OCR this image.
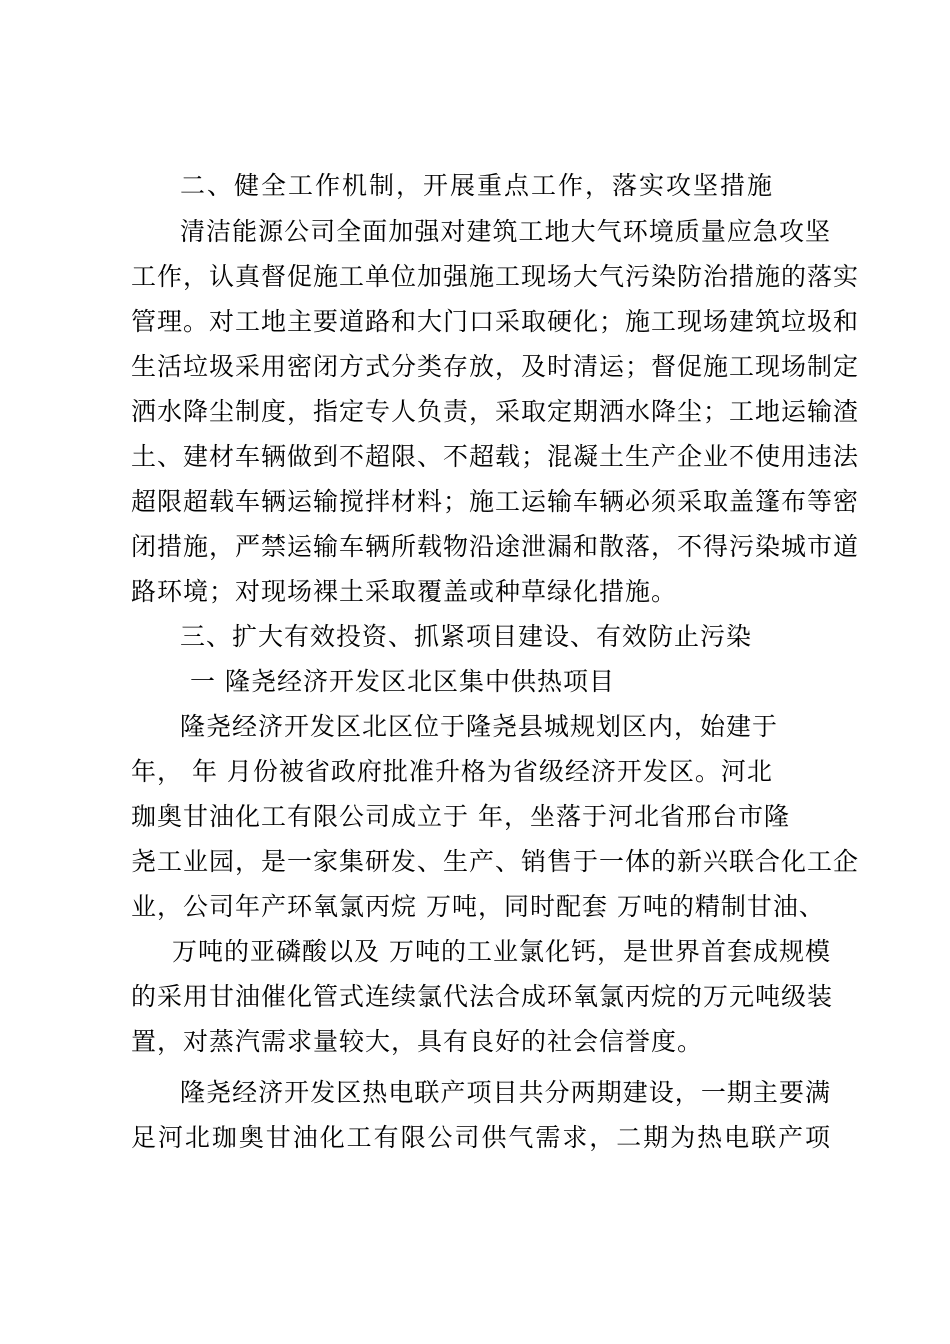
二、健全工作机制，开展重点工作，落实攻坚措施
清洁能源公司全面加强对建筑工地大气环境质量应急攻坚
工作，认真督促施工单位加强施工现场大气污染防治措施的落实
管理。对工地主要道路和大门口采取硬化；施工现场建筑垃圾和
生活垃圾采用密闭方式分类存放，及时清运；督促施工现场制定
洒水降尘制度，指定专人负责，采取定期洒水降尘；工地运输渣
土、建材车辆做到不超限、不超载；混凝土生产企业不使用违法
超限超载车辆运输搅拌材料；施工运输车辆必须采取盖篷布等密
闭措施，严禁运输车辆所载物沿途泄漏和散落，不得污染城市道
路环境；对现场裸土采取覆盖或种草绿化措施。
三、扩大有效投资、抓紧项目建设、有效防止污染
一 隆尧经济开发区北区集中供热项目
隆尧经济开发区北区位于隆尧县城规划区内，始建于
年， 年 月份被省政府批准升格为省级经济开发区。河北
珈奥甘油化工有限公司成立于 年，坐落于河北省邢台市隆
尧工业园，是一家集研发、生产、销售于一体的新兴联合化工企
业，公司年产环氧氯丙烷 万吨，同时配套 万吨的精制甘油、
万吨的亚磷酸以及 万吨的工业氯化钙，是世界首套成规模
的采用甘油催化管式连续氯代法合成环氧氯丙烷的万元吨级装
置，对蒸汽需求量较大，具有良好的社会信誉度。
隆尧经济开发区热电联产项目共分两期建设，一期主要满
足河北珈奥甘油化工有限公司供气需求，二期为热电联产项
